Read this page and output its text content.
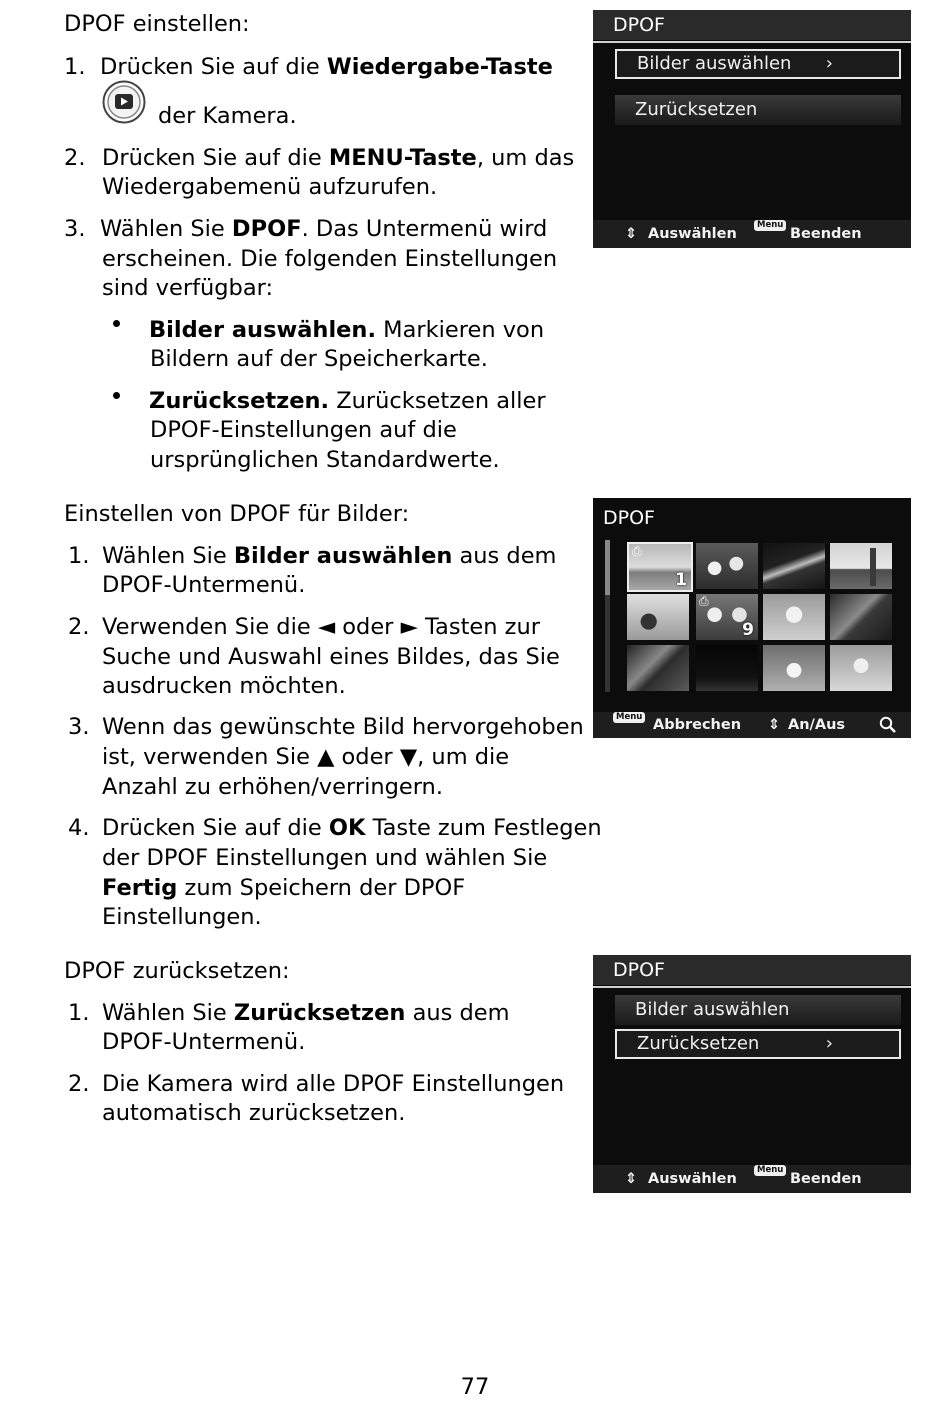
DPOF einstellen:
1. Drücken Sie auf die Wiedergabe-Taste
der Kamera.
2. Drücken Sie auf die MENU-Taste, um das
Wiedergabemenü aufzurufen.
3. Wählen Sie DPOF. Das Untermenü wird
erscheinen. Die folgenden Einstellungen
sind verfügbar:
Bilder auswählen. Markieren von
Bildern auf der Speicherkarte.
Zurücksetzen. Zurücksetzen aller
DPOF-Einstellungen auf die
ursprünglichen Standardwerte.
Einstellen von DPOF für Bilder:
1. Wählen Sie Bilder auswählen aus dem
DPOF-Untermenü.
2. Verwenden Sie die ◄ oder ► Tasten zur
Suche und Auswahl eines Bildes, das Sie
ausdrucken möchten.
3. Wenn das gewünschte Bild hervorgehoben
ist, verwenden Sie ▲ oder ▼, um die
Anzahl zu erhöhen/verringern.
4. Drücken Sie auf die OK Taste zum Festlegen
der DPOF Einstellungen und wählen Sie
Fertig zum Speichern der DPOF
Einstellungen.
DPOF zurücksetzen:
1. Wählen Sie Zurücksetzen aus dem
DPOF-Untermenü.
2. Die Kamera wird alle DPOF Einstellungen
automatisch zurücksetzen.
DPOF
Bilder auswählen ›
Zurücksetzen
⇕ Auswählen
Menu
Beenden
DPOF
⎙
1
⎙
9
Menu Abbrechen ⇕ An/Aus
DPOF
Bilder auswählen
Zurücksetzen	›
⇕ Auswählen
Menu
Beenden
77
